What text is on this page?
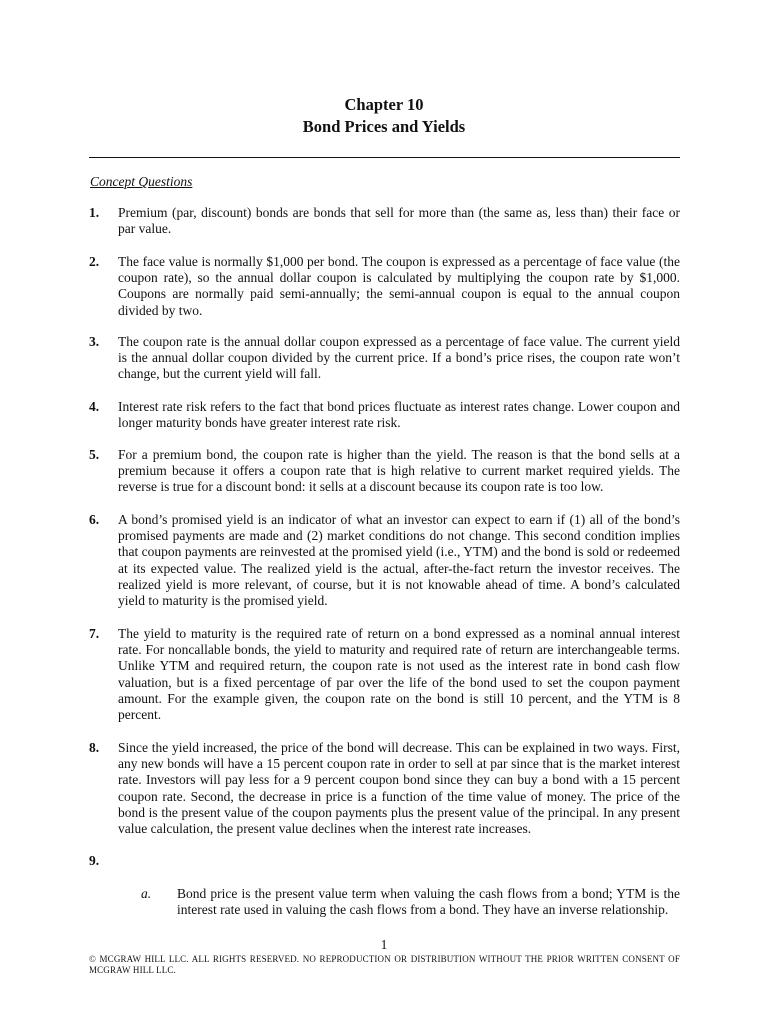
Chapter 10
Bond Prices and Yields
Concept Questions
1. Premium (par, discount) bonds are bonds that sell for more than (the same as, less than) their face or par value.
2. The face value is normally $1,000 per bond. The coupon is expressed as a percentage of face value (the coupon rate), so the annual dollar coupon is calculated by multiplying the coupon rate by $1,000. Coupons are normally paid semi-annually; the semi-annual coupon is equal to the annual coupon divided by two.
3. The coupon rate is the annual dollar coupon expressed as a percentage of face value. The current yield is the annual dollar coupon divided by the current price. If a bond’s price rises, the coupon rate won’t change, but the current yield will fall.
4. Interest rate risk refers to the fact that bond prices fluctuate as interest rates change. Lower coupon and longer maturity bonds have greater interest rate risk.
5. For a premium bond, the coupon rate is higher than the yield. The reason is that the bond sells at a premium because it offers a coupon rate that is high relative to current market required yields. The reverse is true for a discount bond: it sells at a discount because its coupon rate is too low.
6. A bond’s promised yield is an indicator of what an investor can expect to earn if (1) all of the bond’s promised payments are made and (2) market conditions do not change. This second condition implies that coupon payments are reinvested at the promised yield (i.e., YTM) and the bond is sold or redeemed at its expected value. The realized yield is the actual, after-the-fact return the investor receives. The realized yield is more relevant, of course, but it is not knowable ahead of time. A bond’s calculated yield to maturity is the promised yield.
7. The yield to maturity is the required rate of return on a bond expressed as a nominal annual interest rate. For noncallable bonds, the yield to maturity and required rate of return are interchangeable terms. Unlike YTM and required return, the coupon rate is not used as the interest rate in bond cash flow valuation, but is a fixed percentage of par over the life of the bond used to set the coupon payment amount. For the example given, the coupon rate on the bond is still 10 percent, and the YTM is 8 percent.
8. Since the yield increased, the price of the bond will decrease. This can be explained in two ways. First, any new bonds will have a 15 percent coupon rate in order to sell at par since that is the market interest rate. Investors will pay less for a 9 percent coupon bond since they can buy a bond with a 15 percent coupon rate. Second, the decrease in price is a function of the time value of money. The price of the bond is the present value of the coupon payments plus the present value of the principal. In any present value calculation, the present value declines when the interest rate increases.
9.
a. Bond price is the present value term when valuing the cash flows from a bond; YTM is the interest rate used in valuing the cash flows from a bond. They have an inverse relationship.
1
© MCGRAW HILL LLC. ALL RIGHTS RESERVED. NO REPRODUCTION OR DISTRIBUTION WITHOUT THE PRIOR WRITTEN CONSENT OF MCGRAW HILL LLC.
